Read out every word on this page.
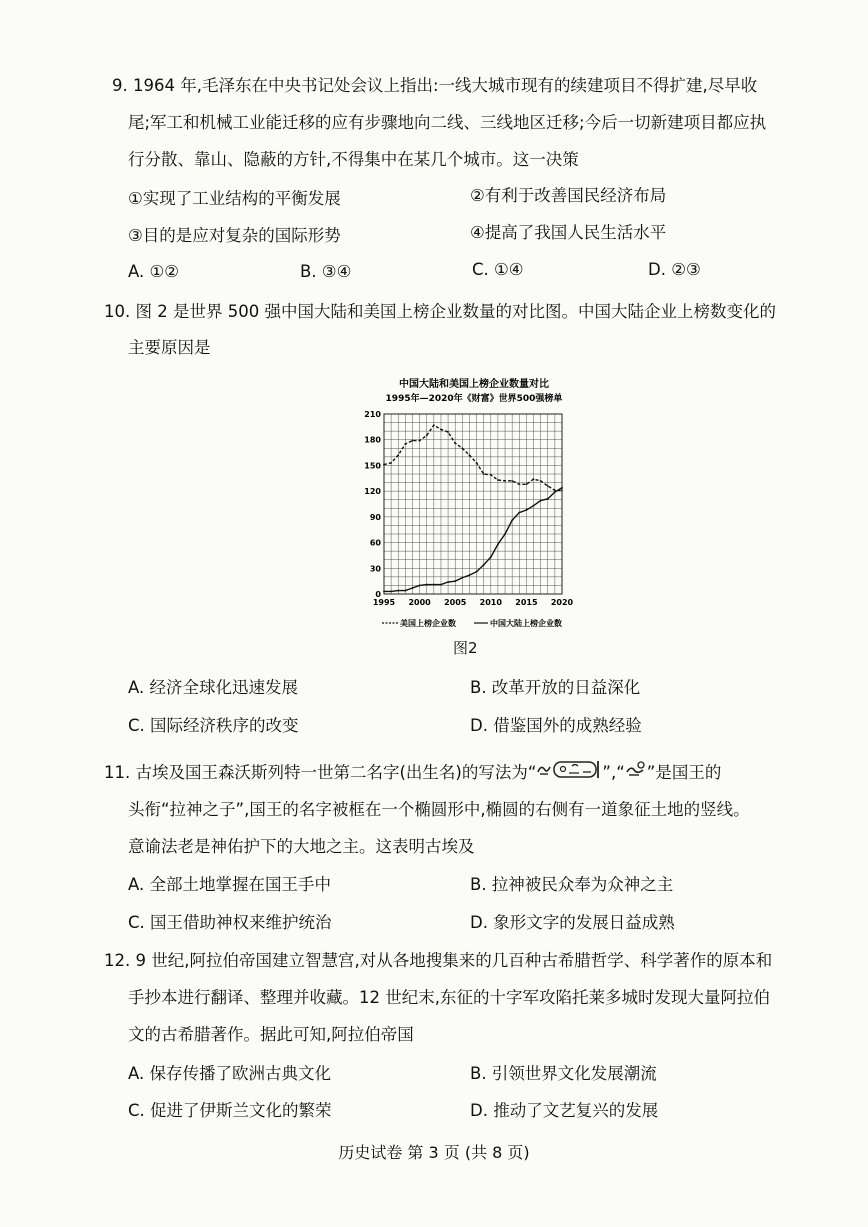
9. 1964 年,毛泽东在中央书记处会议上指出:一线大城市现有的续建项目不得扩建,尽早收
尾;军工和机械工业能迁移的应有步骤地向二线、三线地区迁移;今后一切新建项目都应执
行分散、靠山、隐蔽的方针,不得集中在某几个城市。这一决策
①实现了工业结构的平衡发展	②有利于改善国民经济布局
③目的是应对复杂的国际形势	④提高了我国人民生活水平
A. ①②	B. ③④	C. ①④	D. ②③
10. 图 2 是世界 500 强中国大陆和美国上榜企业数量的对比图。中国大陆企业上榜数变化的
主要原因是
中国大陆和美国上榜企业数量对比
1995年—2020年《财富》世界500强榜单
0
30
60
90
120
150
180
210
1995 2000 2005 2010 2015 2020
美国上榜企业数	中国大陆上榜企业数
图2
A. 经济全球化迅速发展	B. 改革开放的日益深化
C. 国际经济秩序的改变	D. 借鉴国外的成熟经验
11. 古埃及国王森沃斯列特一世第二名字(出生名)的写法为“	”,“ ”是国王的
头衔“拉神之子”,国王的名字被框在一个椭圆形中,椭圆的右侧有一道象征土地的竖线。
意谕法老是神佑护下的大地之主。这表明古埃及
A. 全部土地掌握在国王手中	B. 拉神被民众奉为众神之主
C. 国王借助神权来维护统治	D. 象形文字的发展日益成熟
12. 9 世纪,阿拉伯帝国建立智慧宫,对从各地搜集来的几百种古希腊哲学、科学著作的原本和
手抄本进行翻译、整理并收藏。12 世纪末,东征的十字军攻陷托莱多城时发现大量阿拉伯
文的古希腊著作。据此可知,阿拉伯帝国
A. 保存传播了欧洲古典文化	B. 引领世界文化发展潮流
C. 促进了伊斯兰文化的繁荣	D. 推动了文艺复兴的发展
历史试卷 第 3 页 (共 8 页)
